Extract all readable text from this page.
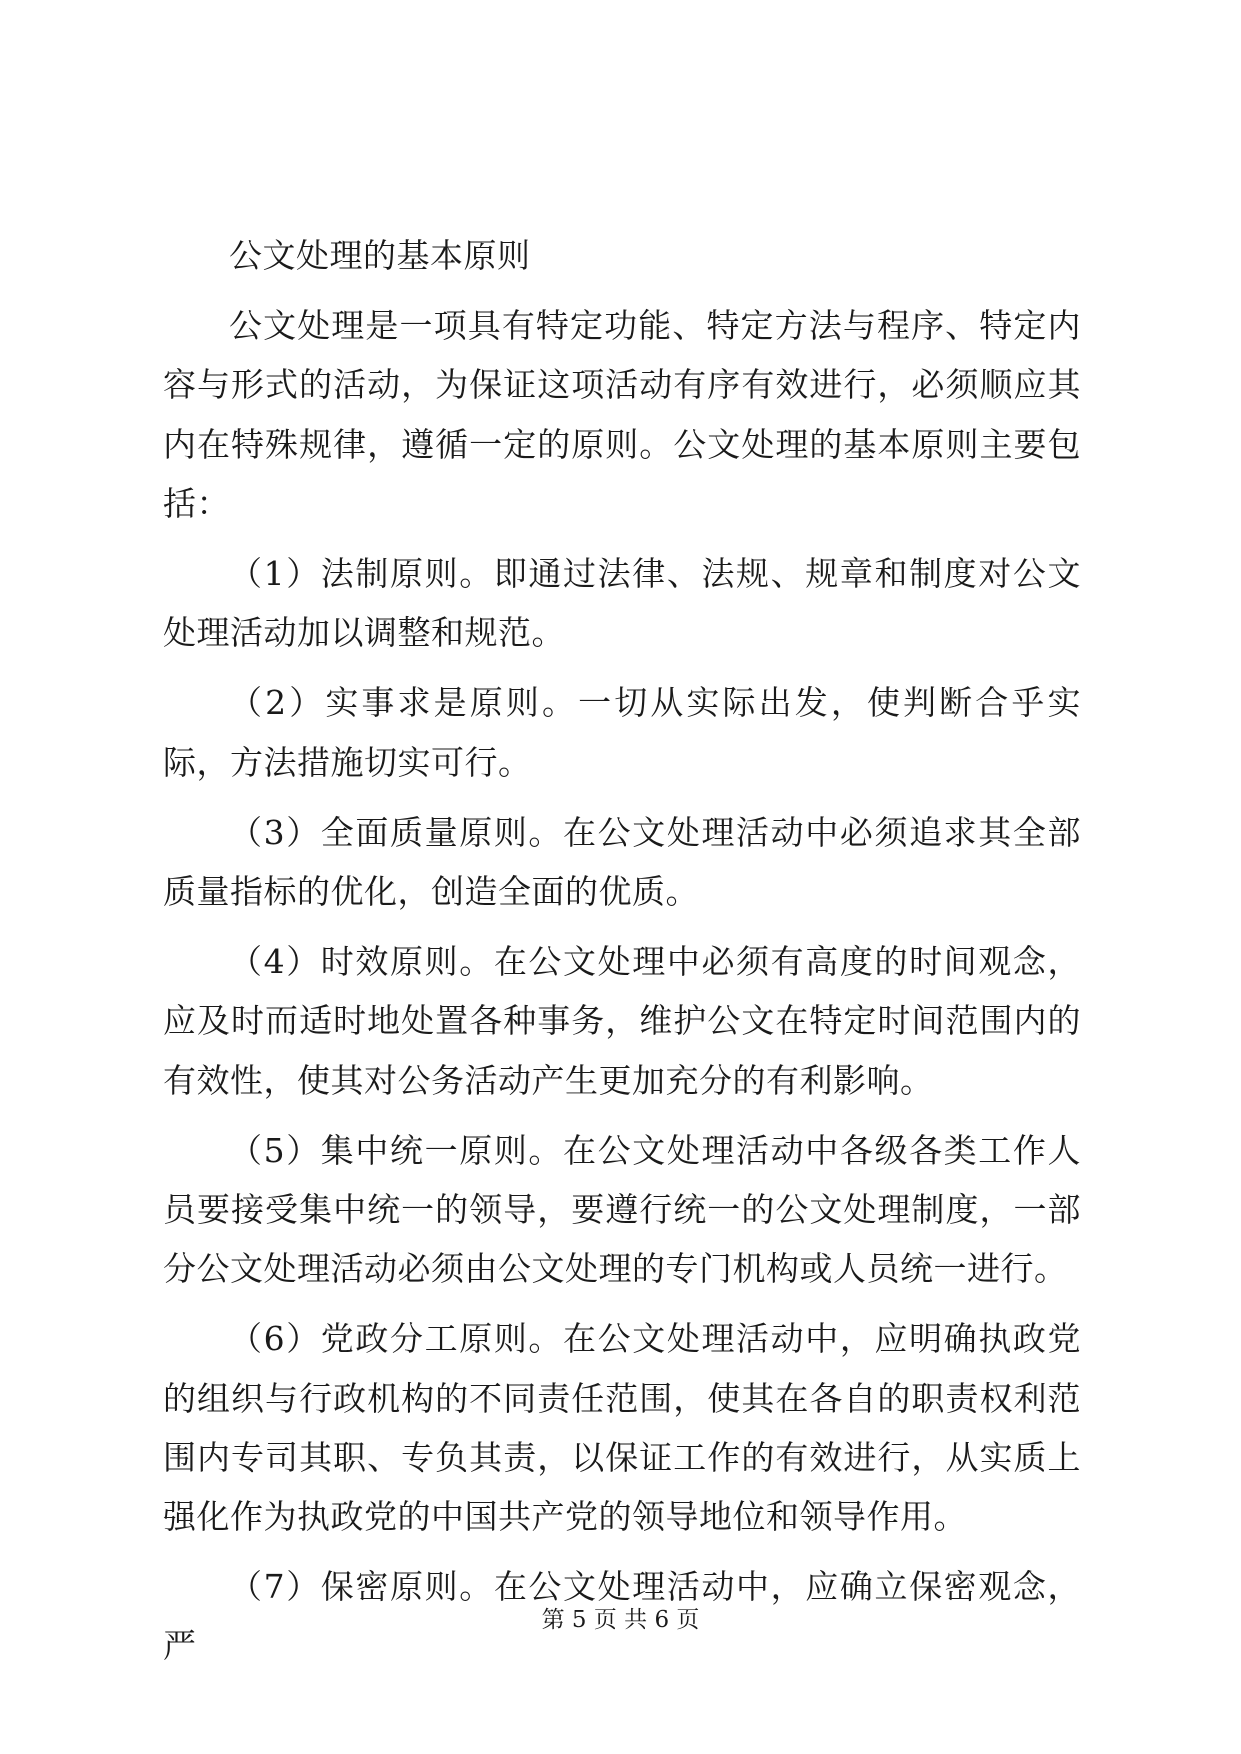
公文处理的基本原则

公文处理是一项具有特定功能、特定方法与程序、特定内容与形式的活动，为保证这项活动有序有效进行，必须顺应其内在特殊规律，遵循一定的原则。公文处理的基本原则主要包括：

（1）法制原则。即通过法律、法规、规章和制度对公文处理活动加以调整和规范。

（2）实事求是原则。一切从实际出发，使判断合乎实际，方法措施切实可行。

（3）全面质量原则。在公文处理活动中必须追求其全部质量指标的优化，创造全面的优质。

（4）时效原则。在公文处理中必须有高度的时间观念，应及时而适时地处置各种事务，维护公文在特定时间范围内的有效性，使其对公务活动产生更加充分的有利影响。

（5）集中统一原则。在公文处理活动中各级各类工作人员要接受集中统一的领导，要遵行统一的公文处理制度，一部分公文处理活动必须由公文处理的专门机构或人员统一进行。

（6）党政分工原则。在公文处理活动中，应明确执政党的组织与行政机构的不同责任范围，使其在各自的职责权利范围内专司其职、专负其责，以保证工作的有效进行，从实质上强化作为执政党的中国共产党的领导地位和领导作用。

（7）保密原则。在公文处理活动中，应确立保密观念，严

第 5 页 共 6 页
